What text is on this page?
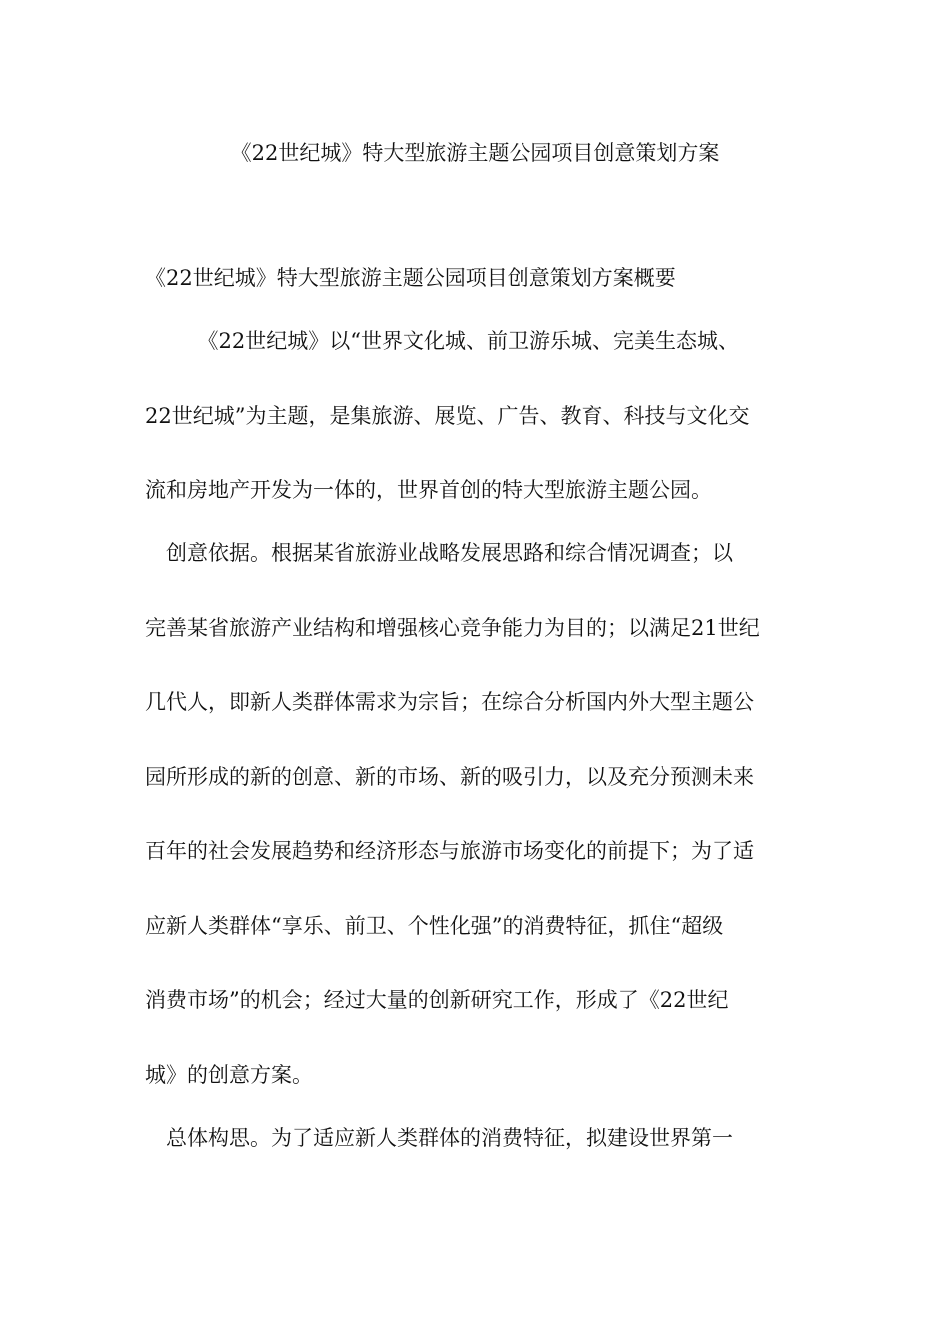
《22世纪城》特大型旅游主题公园项目创意策划方案
《22世纪城》特大型旅游主题公园项目创意策划方案概要
　　　《22世纪城》以“世界文化城、前卫游乐城、完美生态城、
22世纪城”为主题，是集旅游、展览、广告、教育、科技与文化交
流和房地产开发为一体的，世界首创的特大型旅游主题公园。
　创意依据。根据某省旅游业战略发展思路和综合情况调查；以
完善某省旅游产业结构和增强核心竞争能力为目的；以满足21世纪
几代人，即新人类群体需求为宗旨；在综合分析国内外大型主题公
园所形成的新的创意、新的市场、新的吸引力，以及充分预测未来
百年的社会发展趋势和经济形态与旅游市场变化的前提下；为了适
应新人类群体“享乐、前卫、个性化强”的消费特征，抓住“超级
消费市场”的机会；经过大量的创新研究工作，形成了《22世纪
城》的创意方案。
　总体构思。为了适应新人类群体的消费特征，拟建设世界第一
